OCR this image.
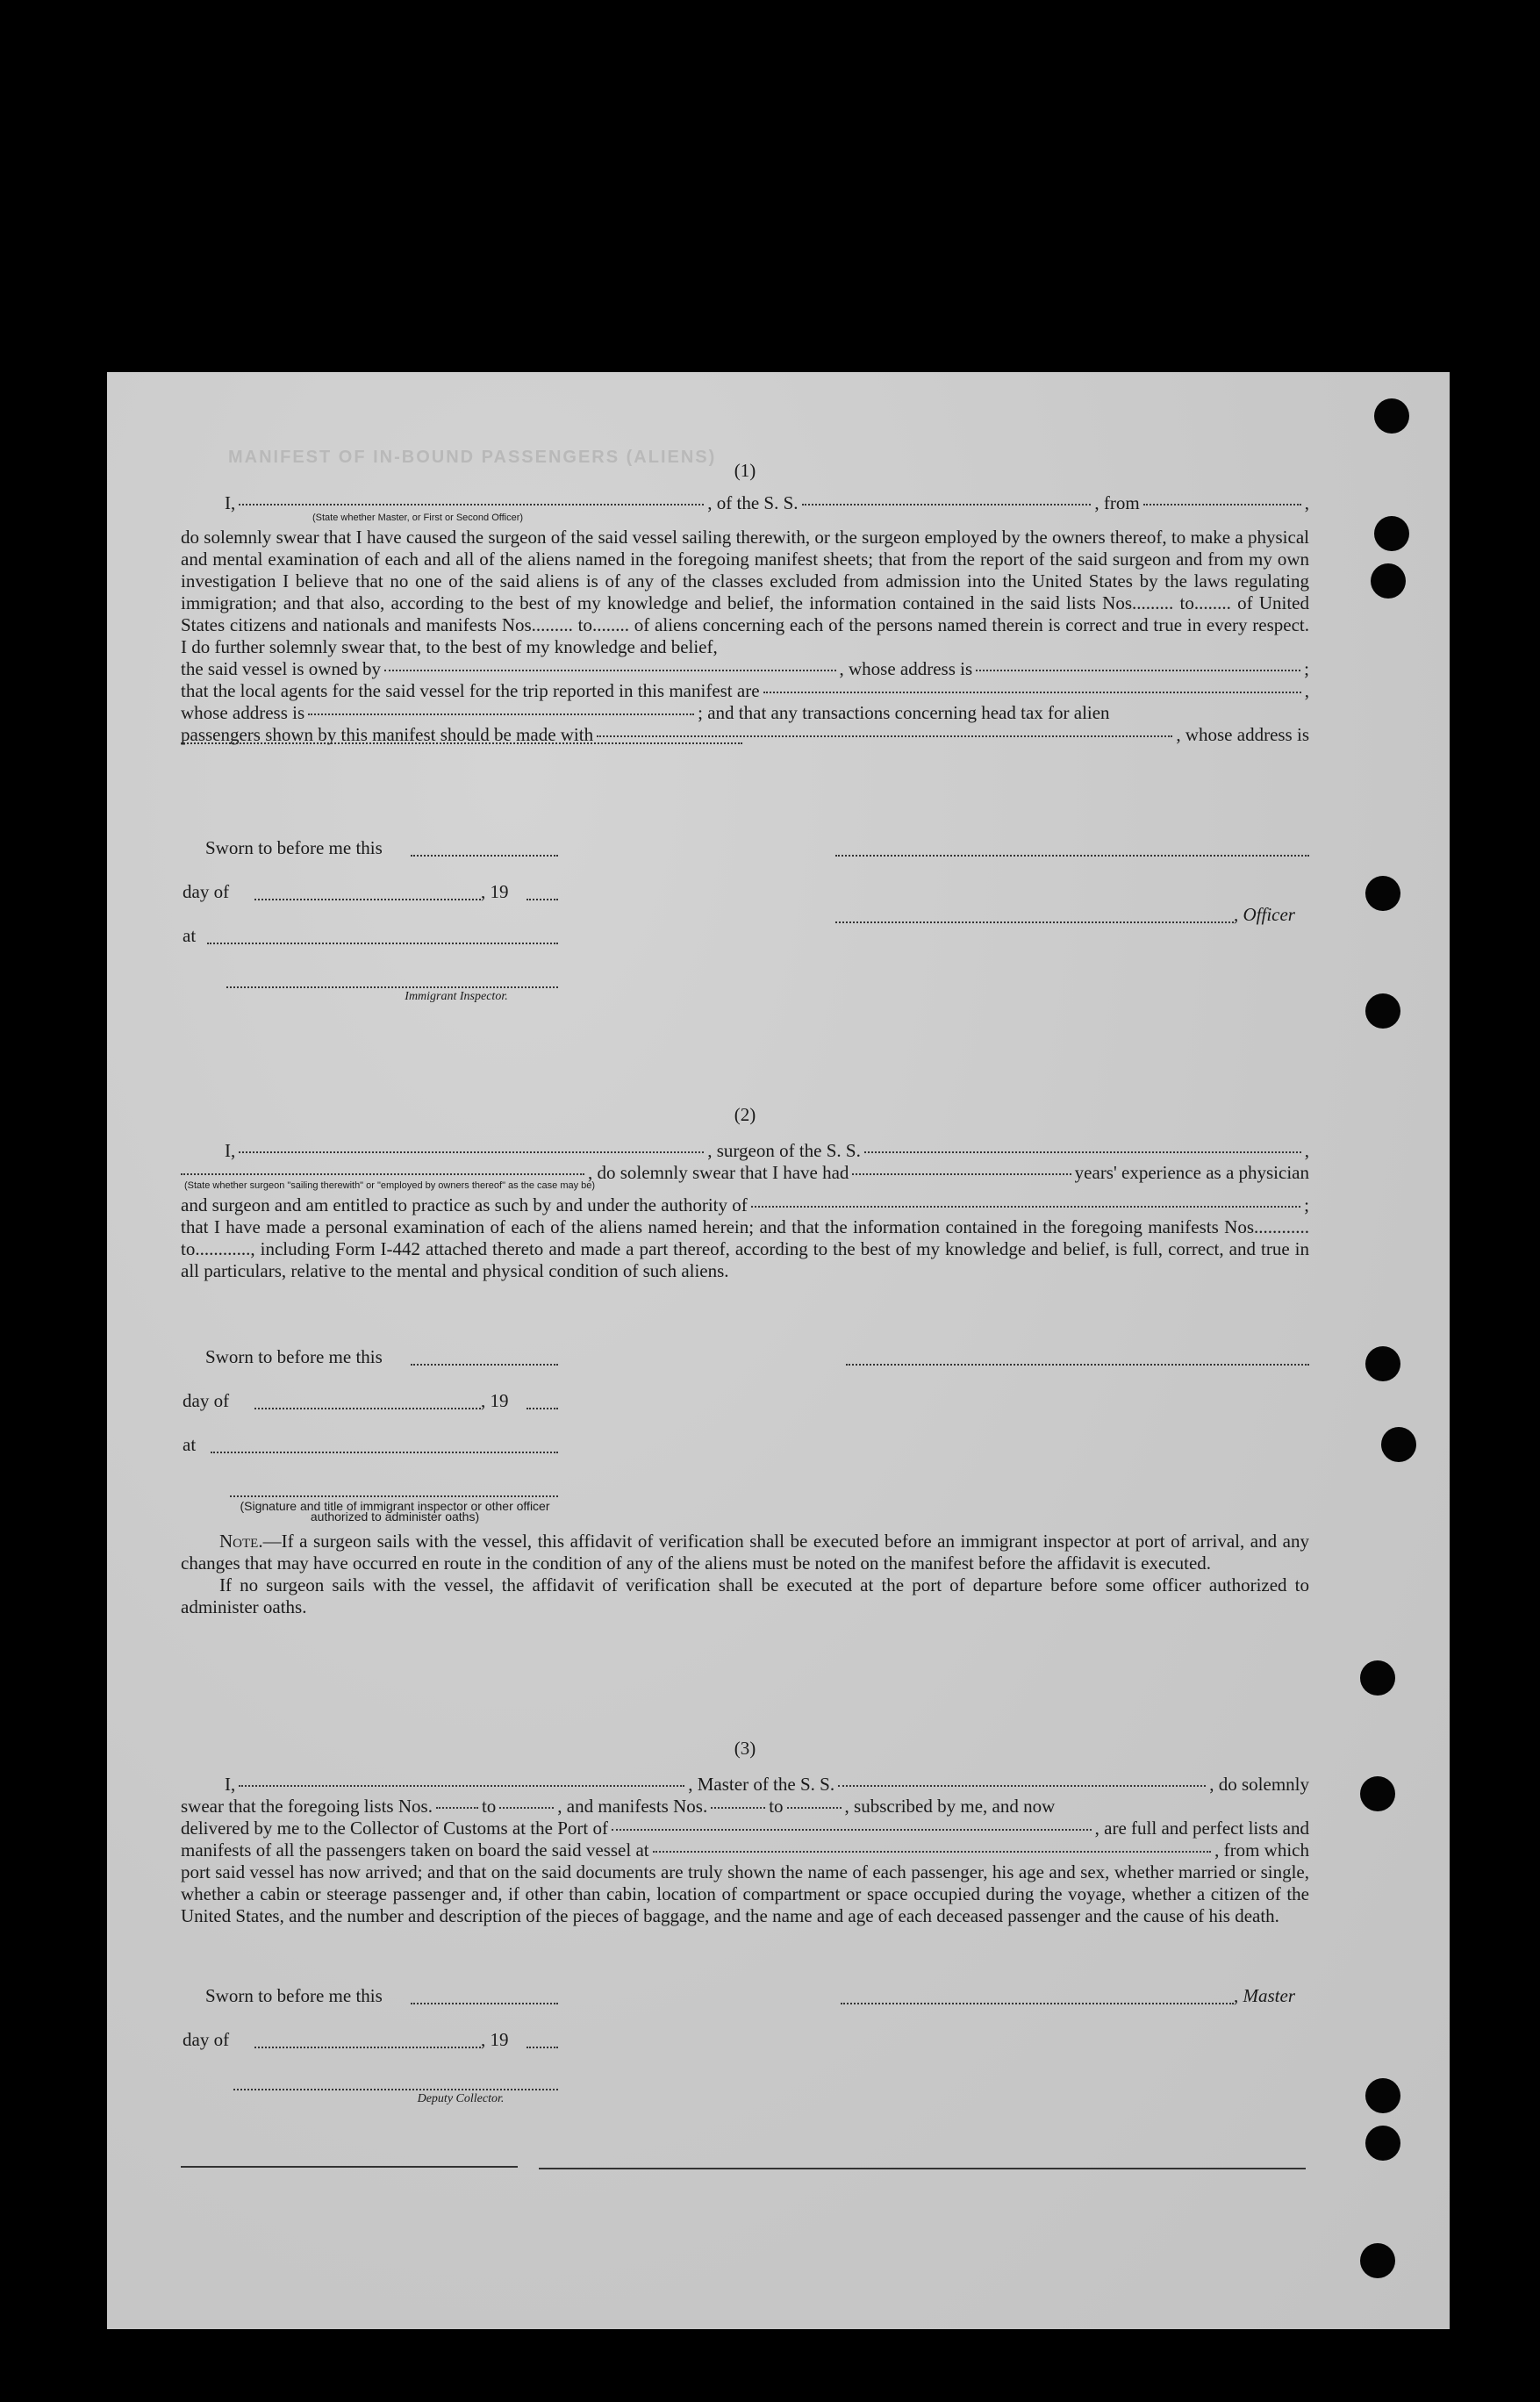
MANIFEST OF IN-BOUND PASSENGERS (ALIENS)
(1)
I,	, of the S. S.	, from	,
(State whether Master, or First or Second Officer)
do solemnly swear that I have caused the surgeon of the said vessel sailing therewith, or the surgeon employed by the owners thereof, to make a physical and mental examination of each and all of the aliens named in the foregoing manifest sheets; that from the report of the said surgeon and from my own investigation I believe that no one of the said aliens is of any of the classes excluded from admission into the United States by the laws regulating immigration; and that also, according to the best of my knowledge and belief, the information contained in the said lists Nos......... to........ of United States citizens and nationals and manifests Nos......... to........ of aliens concerning each of the persons named therein is correct and true in every respect. I do further solemnly swear that, to the best of my knowledge and belief,
the said vessel is owned by	, whose address is	;
that the local agents for the said vessel for the trip reported in this manifest are	,
whose address is	; and that any transactions concerning head tax for alien
passengers shown by this manifest should be made with	, whose address is
Sworn to before me this
day of	, 19
, Officer
at
Immigrant Inspector.
(2)
I,	, surgeon of the S. S.	,
, do solemnly swear that I have had	years' experience as a physician
(State whether surgeon "sailing therewith" or "employed by owners thereof" as the case may be)
and surgeon and am entitled to practice as such by and under the authority of	;
that I have made a personal examination of each of the aliens named herein; and that the information contained in the foregoing manifests Nos............ to............, including Form I-442 attached thereto and made a part thereof, according to the best of my knowledge and belief, is full, correct, and true in all particulars, relative to the mental and physical condition of such aliens.
Sworn to before me this
day of	, 19
at
(Signature and title of immigrant inspector or other officer authorized to administer oaths)
Note.—If a surgeon sails with the vessel, this affidavit of verification shall be executed before an immigrant inspector at port of arrival, and any changes that may have occurred en route in the condition of any of the aliens must be noted on the manifest before the affidavit is executed.
If no surgeon sails with the vessel, the affidavit of verification shall be executed at the port of departure before some officer authorized to administer oaths.
(3)
I,	, Master of the S. S.	, do solemnly
swear that the foregoing lists Nos.	to	, and manifests Nos.	to	, subscribed by me, and now
delivered by me to the Collector of Customs at the Port of	, are full and perfect lists and
manifests of all the passengers taken on board the said vessel at	, from which
port said vessel has now arrived; and that on the said documents are truly shown the name of each passenger, his age and sex, whether married or single, whether a cabin or steerage passenger and, if other than cabin, location of compartment or space occupied during the voyage, whether a citizen of the United States, and the number and description of the pieces of baggage, and the name and age of each deceased passenger and the cause of his death.
Sworn to before me this	, Master
day of	, 19
Deputy Collector.
